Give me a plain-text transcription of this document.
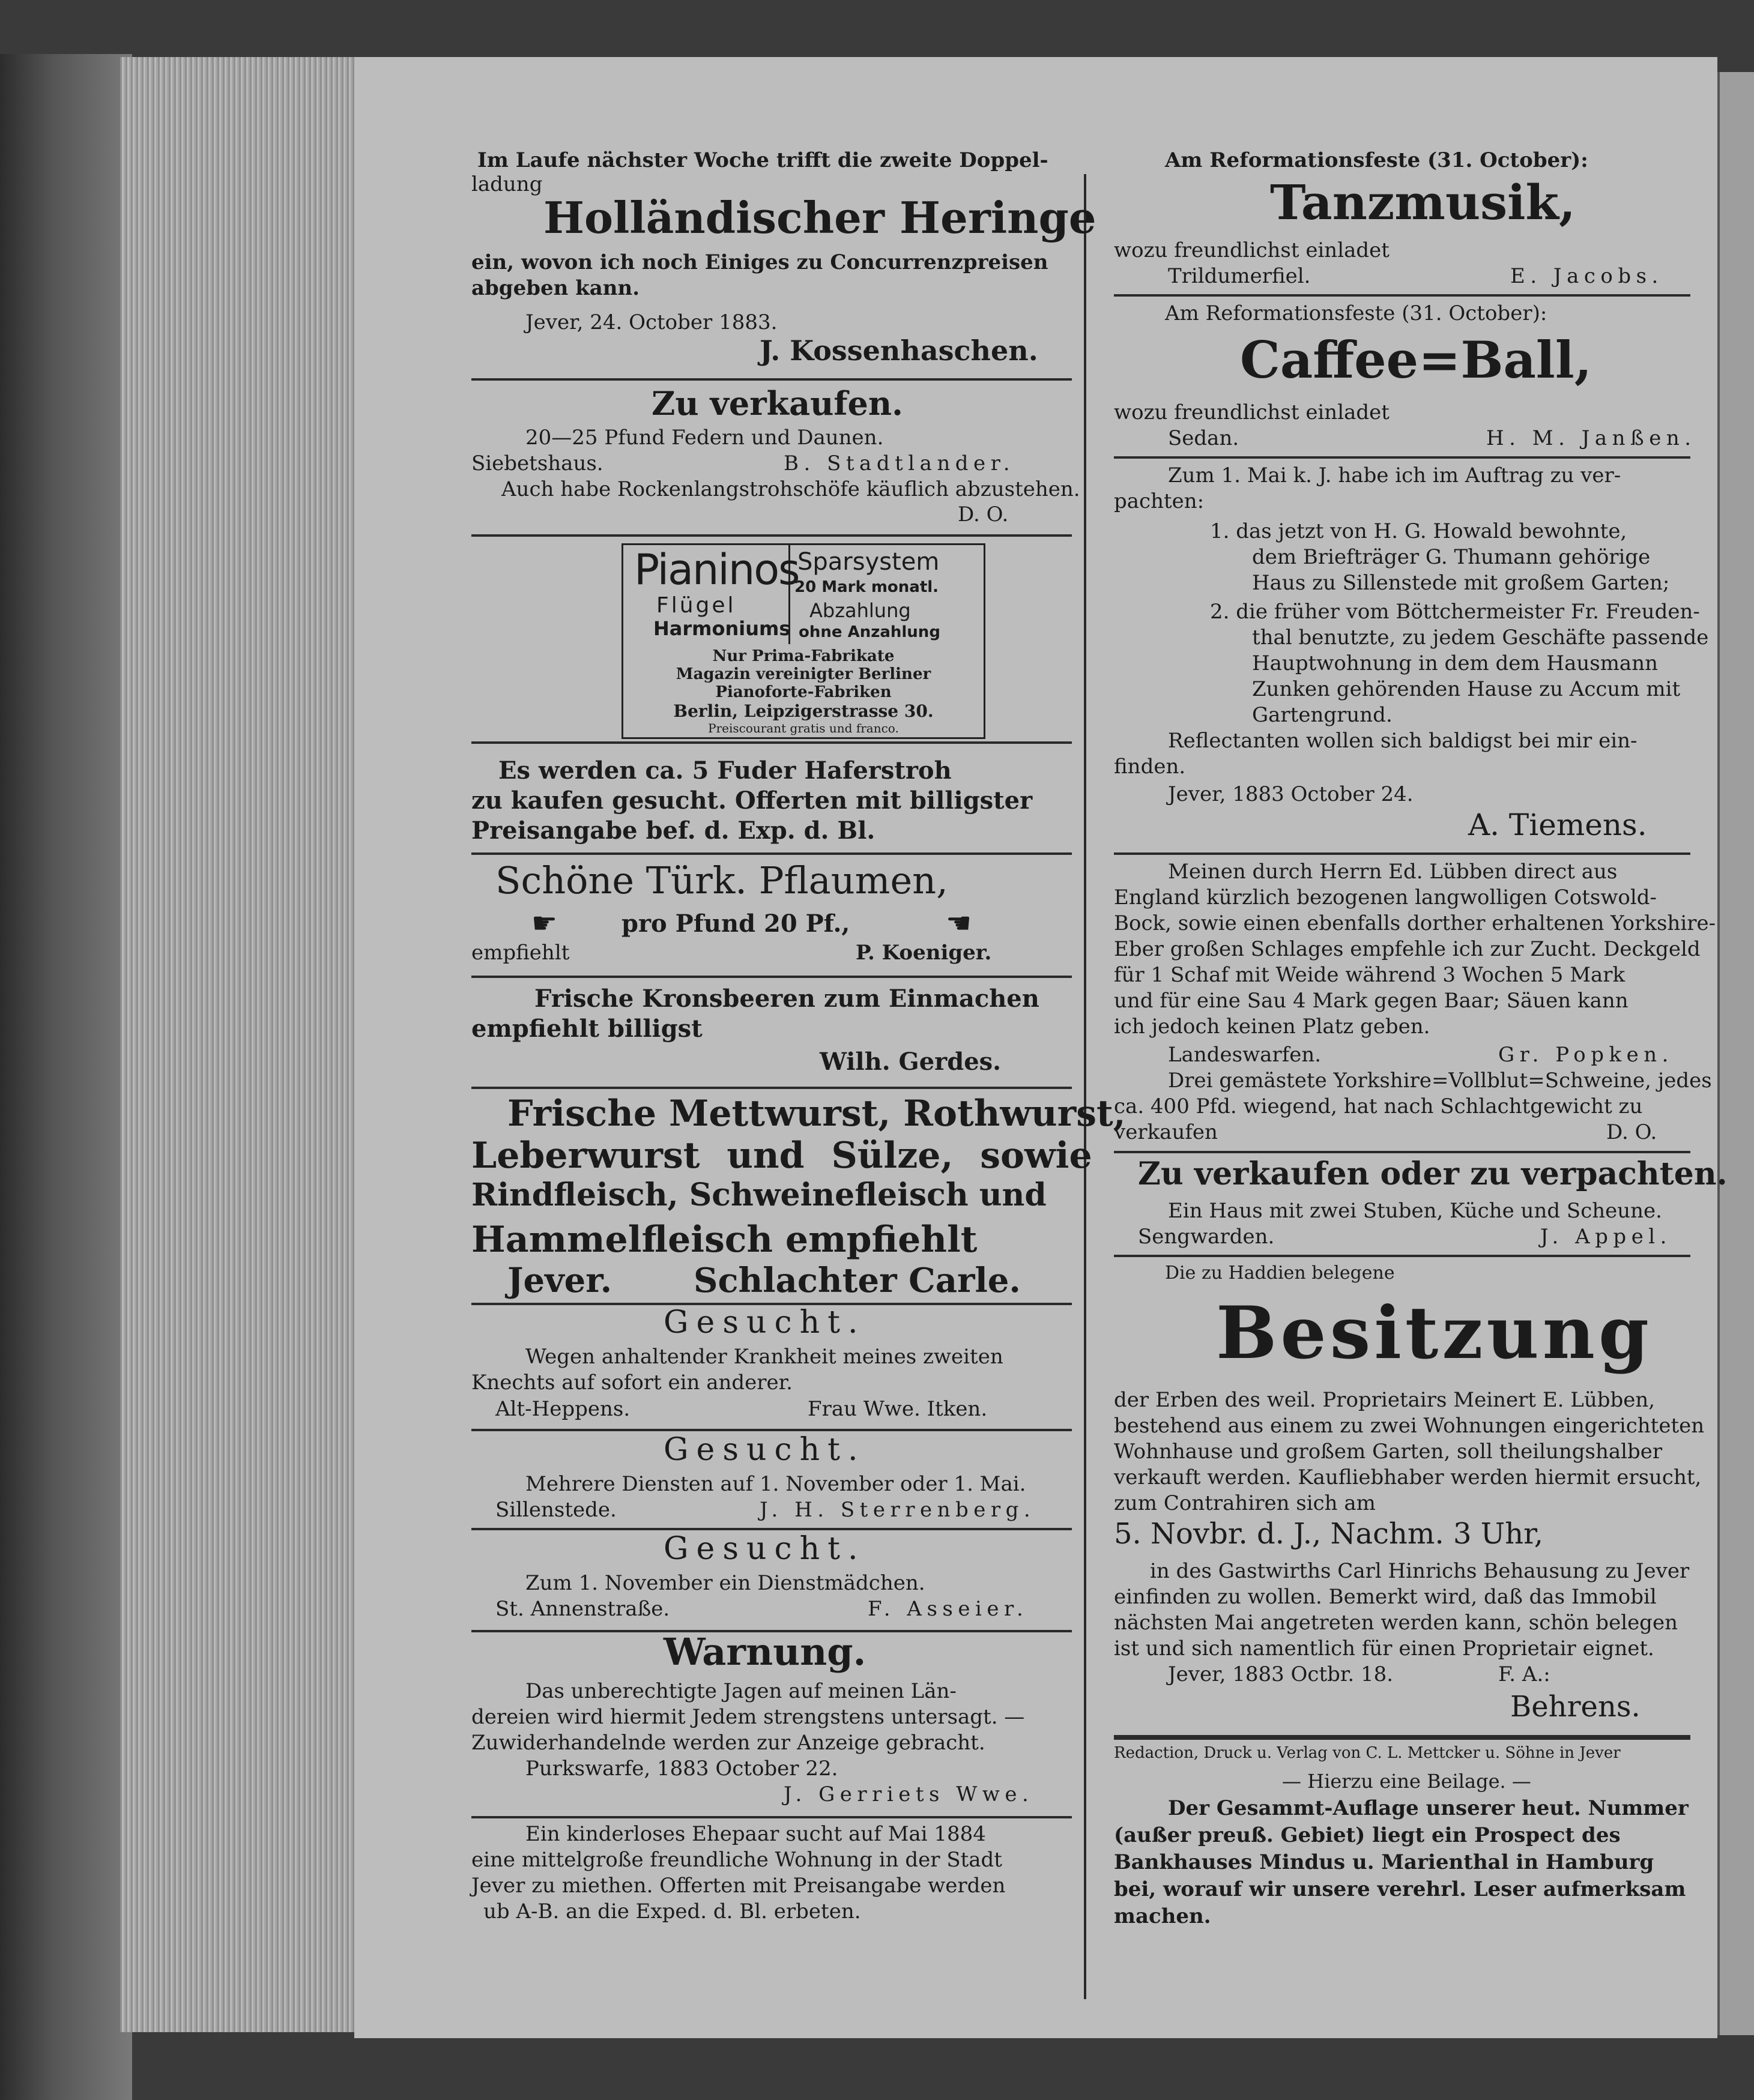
Im Laufe nächster Woche trifft die zweite Doppel-
ladung
Holländischer Heringe
ein, wovon ich noch Einiges zu Concurrenzpreisen
abgeben kann.
Jever, 24. October 1883.
J. Kossenhaschen.
Zu verkaufen.
20—25 Pfund Federn und Daunen.
Siebetshaus.	B. Stadtlander.
Auch habe Rockenlangstrohschöfe käuflich abzustehen.
D. O.
Pianinos
Flügel
Harmoniums
Sparsystem
20 Mark monatl.
Abzahlung
ohne Anzahlung
Nur Prima-Fabrikate
Magazin vereinigter Berliner
Pianoforte-Fabriken
Berlin, Leipzigerstrasse 30.
Preiscourant gratis und franco.
Es werden ca. 5 Fuder Haferstroh
zu kaufen gesucht. Offerten mit billigster
Preisangabe bef. d. Exp. d. Bl.
Schöne Türk. Pflaumen,
☛	pro Pfund 20 Pf.,	☚
empfiehlt	P. Koeniger.
Frische Kronsbeeren zum Einmachen
empfiehlt billigst
Wilh. Gerdes.
Frische Mettwurst, Rothwurst,
Leberwurst und Sülze, sowie
Rindfleisch, Schweinefleisch und
Hammelfleisch empfiehlt
Jever. Schlachter Carle.
Gesucht.
Wegen anhaltender Krankheit meines zweiten
Knechts auf sofort ein anderer.
Alt-Heppens.	Frau Wwe. Itken.
Gesucht.
Mehrere Diensten auf 1. November oder 1. Mai.
Sillenstede.	J. H. Sterrenberg.
Gesucht.
Zum 1. November ein Dienstmädchen.
St. Annenstraße.	F. Asseier.
Warnung.
Das unberechtigte Jagen auf meinen Län-
dereien wird hiermit Jedem strengstens untersagt. —
Zuwiderhandelnde werden zur Anzeige gebracht.
Purkswarfe, 1883 October 22.
J. Gerriets Wwe.
Ein kinderloses Ehepaar sucht auf Mai 1884
eine mittelgroße freundliche Wohnung in der Stadt
Jever zu miethen. Offerten mit Preisangabe werden
ub A-B. an die Exped. d. Bl. erbeten.
Am Reformationsfeste (31. October):
Tanzmusik,
wozu freundlichst einladet
Trildumerfiel.	E. Jacobs.
Am Reformationsfeste (31. October):
Caffee=Ball,
wozu freundlichst einladet
Sedan.	H. M. Janßen.
Zum 1. Mai k. J. habe ich im Auftrag zu ver-
pachten:
1. das jetzt von H. G. Howald bewohnte,
dem Briefträger G. Thumann gehörige
Haus zu Sillenstede mit großem Garten;
2. die früher vom Böttchermeister Fr. Freuden-
thal benutzte, zu jedem Geschäfte passende
Hauptwohnung in dem dem Hausmann
Zunken gehörenden Hause zu Accum mit
Gartengrund.
Reflectanten wollen sich baldigst bei mir ein-
finden.
Jever, 1883 October 24.
A. Tiemens.
Meinen durch Herrn Ed. Lübben direct aus
England kürzlich bezogenen langwolligen Cotswold-
Bock, sowie einen ebenfalls dorther erhaltenen Yorkshire-
Eber großen Schlages empfehle ich zur Zucht. Deckgeld
für 1 Schaf mit Weide während 3 Wochen 5 Mark
und für eine Sau 4 Mark gegen Baar; Säuen kann
ich jedoch keinen Platz geben.
Landeswarfen.	Gr. Popken.
Drei gemästete Yorkshire=Vollblut=Schweine, jedes
ca. 400 Pfd. wiegend, hat nach Schlachtgewicht zu
verkaufen	D. O.
Zu verkaufen oder zu verpachten.
Ein Haus mit zwei Stuben, Küche und Scheune.
Sengwarden.	J. Appel.
Die zu Haddien belegene
Besitzung
der Erben des weil. Proprietairs Meinert E. Lübben,
bestehend aus einem zu zwei Wohnungen eingerichteten
Wohnhause und großem Garten, soll theilungshalber
verkauft werden. Kaufliebhaber werden hiermit ersucht,
zum Contrahiren sich am
5. Novbr. d. J., Nachm. 3 Uhr,
in des Gastwirths Carl Hinrichs Behausung zu Jever
einfinden zu wollen. Bemerkt wird, daß das Immobil
nächsten Mai angetreten werden kann, schön belegen
ist und sich namentlich für einen Proprietair eignet.
Jever, 1883 Octbr. 18.	F. A.:
Behrens.
Redaction, Druck u. Verlag von C. L. Mettcker u. Söhne in Jever
— Hierzu eine Beilage. —
Der Gesammt-Auflage unserer heut. Nummer
(außer preuß. Gebiet) liegt ein Prospect des
Bankhauses Mindus u. Marienthal in Hamburg
bei, worauf wir unsere verehrl. Leser aufmerksam
machen.
